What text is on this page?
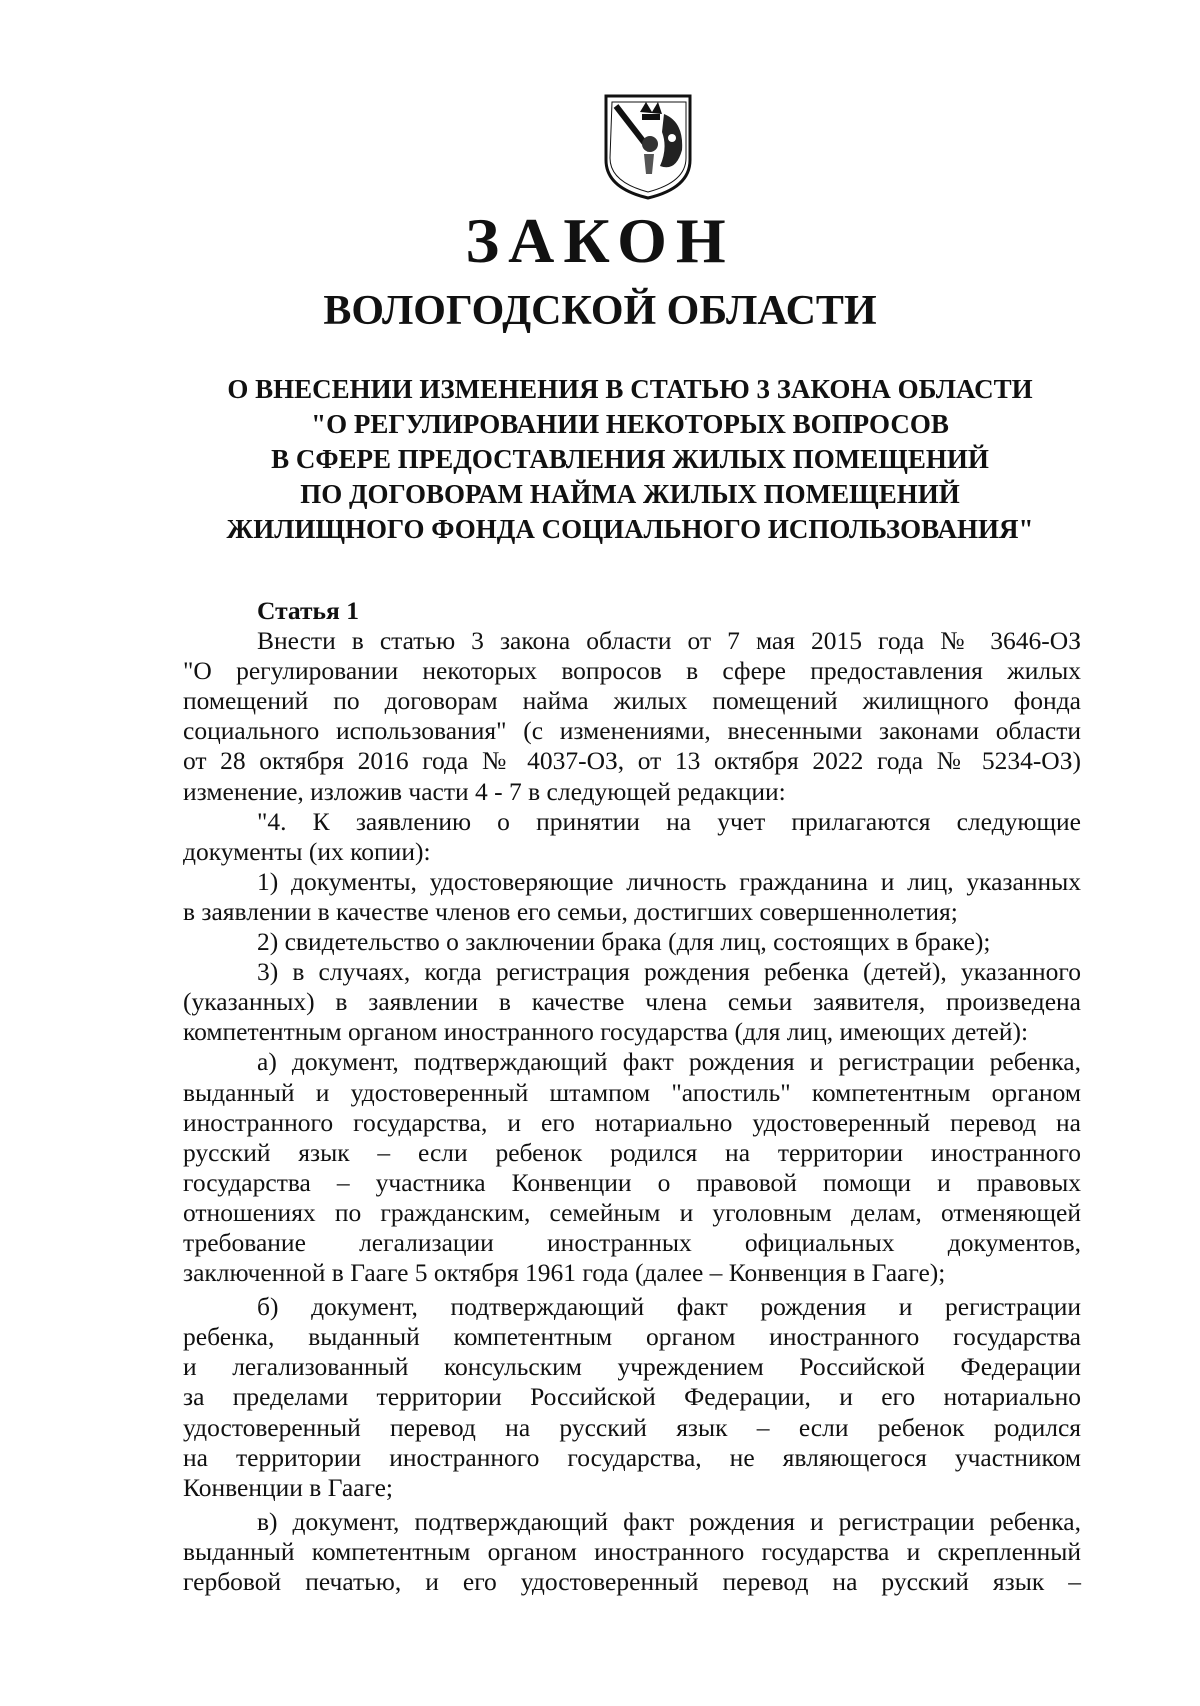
ЗАКОН
ВОЛОГОДСКОЙ ОБЛАСТИ
О ВНЕСЕНИИ ИЗМЕНЕНИЯ В СТАТЬЮ 3 ЗАКОНА ОБЛАСТИ
"О РЕГУЛИРОВАНИИ НЕКОТОРЫХ ВОПРОСОВ
В СФЕРЕ ПРЕДОСТАВЛЕНИЯ ЖИЛЫХ ПОМЕЩЕНИЙ
ПО ДОГОВОРАМ НАЙМА ЖИЛЫХ ПОМЕЩЕНИЙ
ЖИЛИЩНОГО ФОНДА СОЦИАЛЬНОГО ИСПОЛЬЗОВАНИЯ"
Статья 1
Внести в статью 3 закона области от 7 мая 2015 года № 3646-ОЗ
"О регулировании некоторых вопросов в сфере предоставления жилых
помещений по договорам найма жилых помещений жилищного фонда
социального использования" (с изменениями, внесенными законами области
от 28 октября 2016 года № 4037-ОЗ, от 13 октября 2022 года № 5234-ОЗ)
изменение, изложив части 4 - 7 в следующей редакции:
"4. К заявлению о принятии на учет прилагаются следующие
документы (их копии):
1) документы, удостоверяющие личность гражданина и лиц, указанных
в заявлении в качестве членов его семьи, достигших совершеннолетия;
2) свидетельство о заключении брака (для лиц, состоящих в браке);
3) в случаях, когда регистрация рождения ребенка (детей), указанного
(указанных) в заявлении в качестве члена семьи заявителя, произведена
компетентным органом иностранного государства (для лиц, имеющих детей):
а) документ, подтверждающий факт рождения и регистрации ребенка,
выданный и удостоверенный штампом "апостиль" компетентным органом
иностранного государства, и его нотариально удостоверенный перевод на
русский язык – если ребенок родился на территории иностранного
государства – участника Конвенции о правовой помощи и правовых
отношениях по гражданским, семейным и уголовным делам, отменяющей
требование легализации иностранных официальных документов,
заключенной в Гааге 5 октября 1961 года (далее – Конвенция в Гааге);
б) документ, подтверждающий факт рождения и регистрации
ребенка, выданный компетентным органом иностранного государства
и легализованный консульским учреждением Российской Федерации
за пределами территории Российской Федерации, и его нотариально
удостоверенный перевод на русский язык – если ребенок родился
на территории иностранного государства, не являющегося участником
Конвенции в Гааге;
в) документ, подтверждающий факт рождения и регистрации ребенка,
выданный компетентным органом иностранного государства и скрепленный
гербовой печатью, и его удостоверенный перевод на русский язык –
